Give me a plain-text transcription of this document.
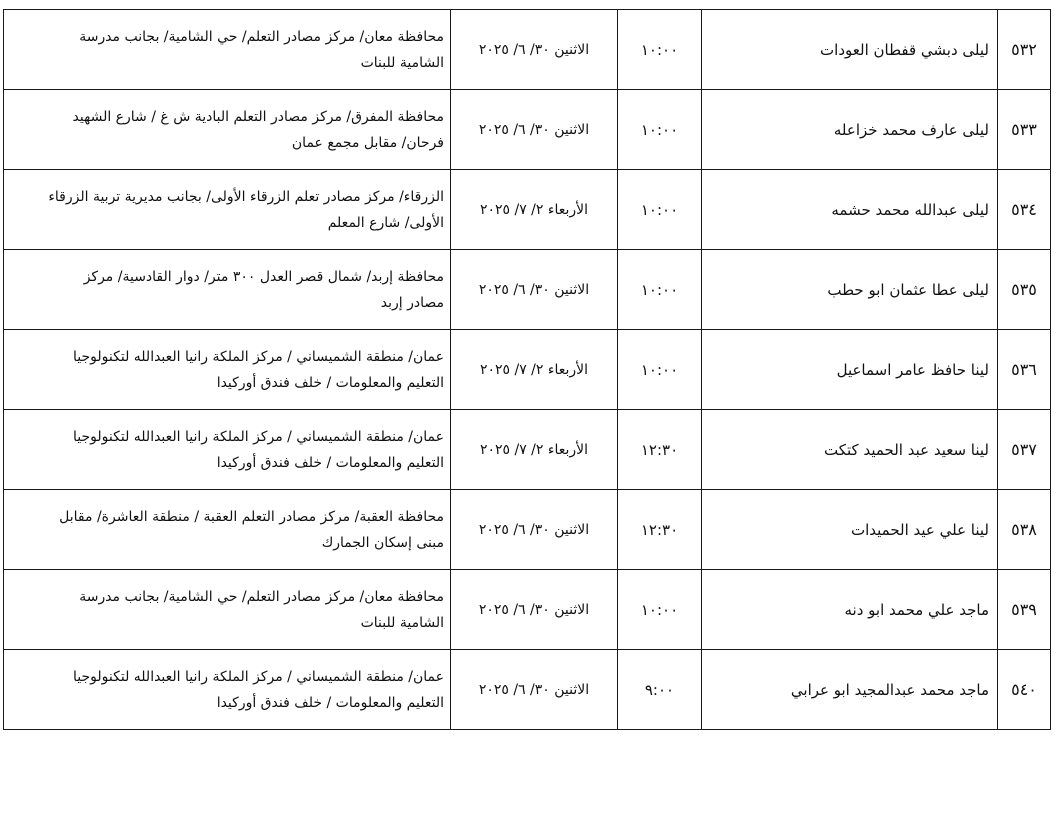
٥٣٢	ليلى دبشي قفطان العودات	١٠:٠٠	الاثنين ٣٠/ ٦/ ٢٠٢٥	محافظة معان/ مركز مصادر التعلم/ حي الشامية/ بجانب مدرسة
الشامية للبنات

٥٣٣	ليلى عارف محمد خزاعله	١٠:٠٠	الاثنين ٣٠/ ٦/ ٢٠٢٥	محافظة المفرق/ مركز مصادر التعلم البادية ش غ / شارع الشهيد
فرحان/ مقابل مجمع عمان

٥٣٤	ليلى عبدالله محمد حشمه	١٠:٠٠	الأربعاء ٢/ ٧/ ٢٠٢٥	الزرقاء/ مركز مصادر تعلم الزرقاء الأولى/ بجانب مديرية تربية الزرقاء
الأولى/ شارع المعلم

٥٣٥	ليلى عطا عثمان ابو حطب	١٠:٠٠	الاثنين ٣٠/ ٦/ ٢٠٢٥	محافظة إربد/ شمال قصر العدل ٣٠٠ متر/ دوار القادسية/ مركز
مصادر إربد

٥٣٦	لينا حافظ عامر اسماعيل	١٠:٠٠	الأربعاء ٢/ ٧/ ٢٠٢٥	عمان/ منطقة الشميساني / مركز الملكة رانيا العبدالله لتكنولوجيا
التعليم والمعلومات / خلف فندق أوركيدا

٥٣٧	لينا سعيد عبد الحميد كتكت	١٢:٣٠	الأربعاء ٢/ ٧/ ٢٠٢٥	عمان/ منطقة الشميساني / مركز الملكة رانيا العبدالله لتكنولوجيا
التعليم والمعلومات / خلف فندق أوركيدا

٥٣٨	لينا علي عيد الحميدات	١٢:٣٠	الاثنين ٣٠/ ٦/ ٢٠٢٥	محافظة العقبة/ مركز مصادر التعلم العقبة / منطقة العاشرة/ مقابل
مبنى إسكان الجمارك

٥٣٩	ماجد علي محمد ابو دنه	١٠:٠٠	الاثنين ٣٠/ ٦/ ٢٠٢٥	محافظة معان/ مركز مصادر التعلم/ حي الشامية/ بجانب مدرسة
الشامية للبنات

٥٤٠	ماجد محمد عبدالمجيد ابو عرابي	٩:٠٠	الاثنين ٣٠/ ٦/ ٢٠٢٥	عمان/ منطقة الشميساني / مركز الملكة رانيا العبدالله لتكنولوجيا
التعليم والمعلومات / خلف فندق أوركيدا
